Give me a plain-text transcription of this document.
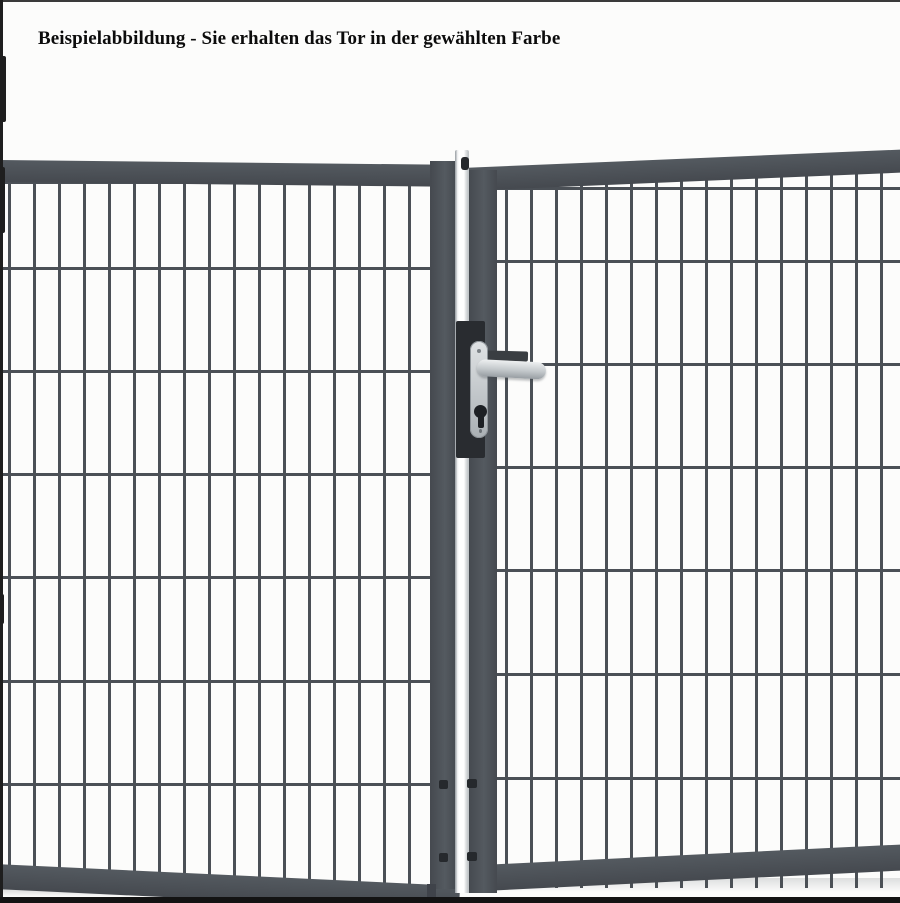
Beispielabbildung - Sie erhalten das Tor in der gewählten Farbe
